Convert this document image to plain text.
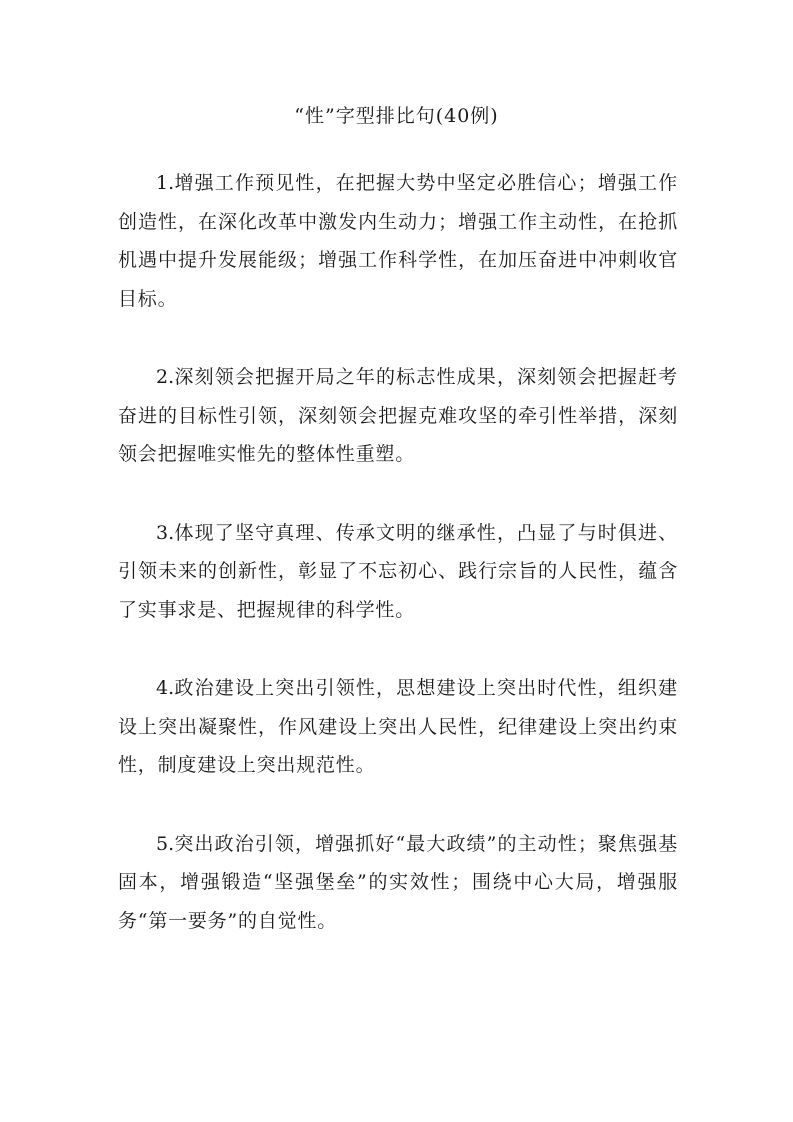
“性”字型排比句(40例)

1.增强工作预见性，在把握大势中坚定必胜信心；增强工作创造性，在深化改革中激发内生动力；增强工作主动性，在抢抓机遇中提升发展能级；增强工作科学性，在加压奋进中冲刺收官目标。

2.深刻领会把握开局之年的标志性成果，深刻领会把握赶考奋进的目标性引领，深刻领会把握克难攻坚的牵引性举措，深刻领会把握唯实惟先的整体性重塑。

3.体现了坚守真理、传承文明的继承性，凸显了与时俱进、引领未来的创新性，彰显了不忘初心、践行宗旨的人民性，蕴含了实事求是、把握规律的科学性。

4.政治建设上突出引领性，思想建设上突出时代性，组织建设上突出凝聚性，作风建设上突出人民性，纪律建设上突出约束性，制度建设上突出规范性。

5.突出政治引领，增强抓好“最大政绩”的主动性；聚焦强基固本，增强锻造“坚强堡垒”的实效性；围绕中心大局，增强服务“第一要务”的自觉性。
